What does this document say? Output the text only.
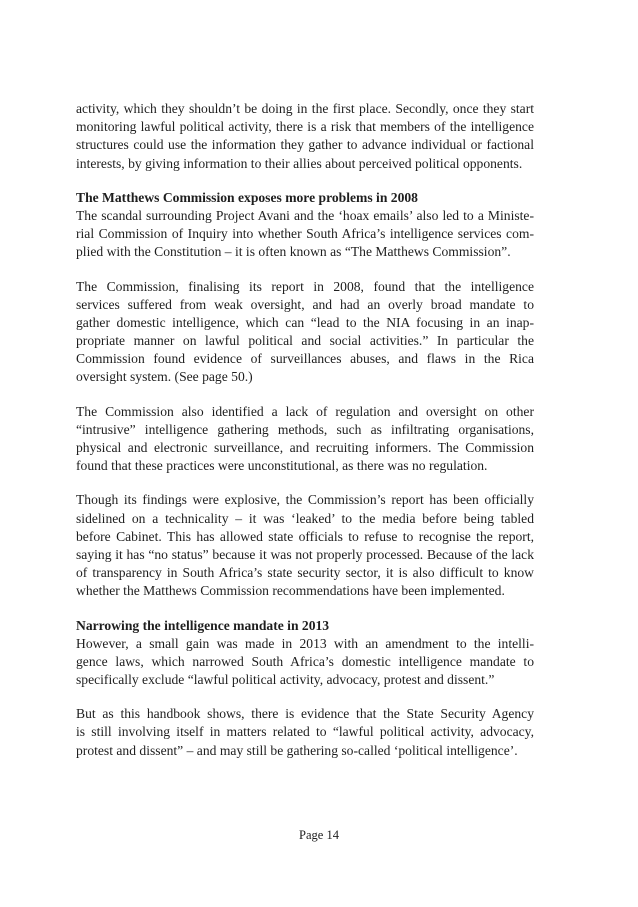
activity, which they shouldn’t be doing in the first place. Secondly, once they start
monitoring lawful political activity, there is a risk that members of the intelligence
structures could use the information they gather to advance individual or factional
interests, by giving information to their allies about perceived political opponents.
The Matthews Commission exposes more problems in 2008
The scandal surrounding Project Avani and the ‘hoax emails’ also led to a Ministe-
rial Commission of Inquiry into whether South Africa’s intelligence services com-
plied with the Constitution – it is often known as “The Matthews Commission”.
The Commission, finalising its report in 2008, found that the intelligence
services suffered from weak oversight, and had an overly broad mandate to
gather domestic intelligence, which can “lead to the NIA focusing in an inap-
propriate manner on lawful political and social activities.” In particular the
Commission found evidence of surveillances abuses, and flaws in the Rica
oversight system. (See page 50.)
The Commission also identified a lack of regulation and oversight on other
“intrusive” intelligence gathering methods, such as infiltrating organisations,
physical and electronic surveillance, and recruiting informers. The Commission
found that these practices were unconstitutional, as there was no regulation.
Though its findings were explosive, the Commission’s report has been officially
sidelined on a technicality – it was ‘leaked’ to the media before being tabled
before Cabinet. This has allowed state officials to refuse to recognise the report,
saying it has “no status” because it was not properly processed. Because of the lack
of transparency in South Africa’s state security sector, it is also difficult to know
whether the Matthews Commission recommendations have been implemented.
Narrowing the intelligence mandate in 2013
However, a small gain was made in 2013 with an amendment to the intelli-
gence laws, which narrowed South Africa’s domestic intelligence mandate to
specifically exclude “lawful political activity, advocacy, protest and dissent.”
But as this handbook shows, there is evidence that the State Security Agency
is still involving itself in matters related to “lawful political activity, advocacy,
protest and dissent” – and may still be gathering so-called ‘political intelligence’.
Page 14
